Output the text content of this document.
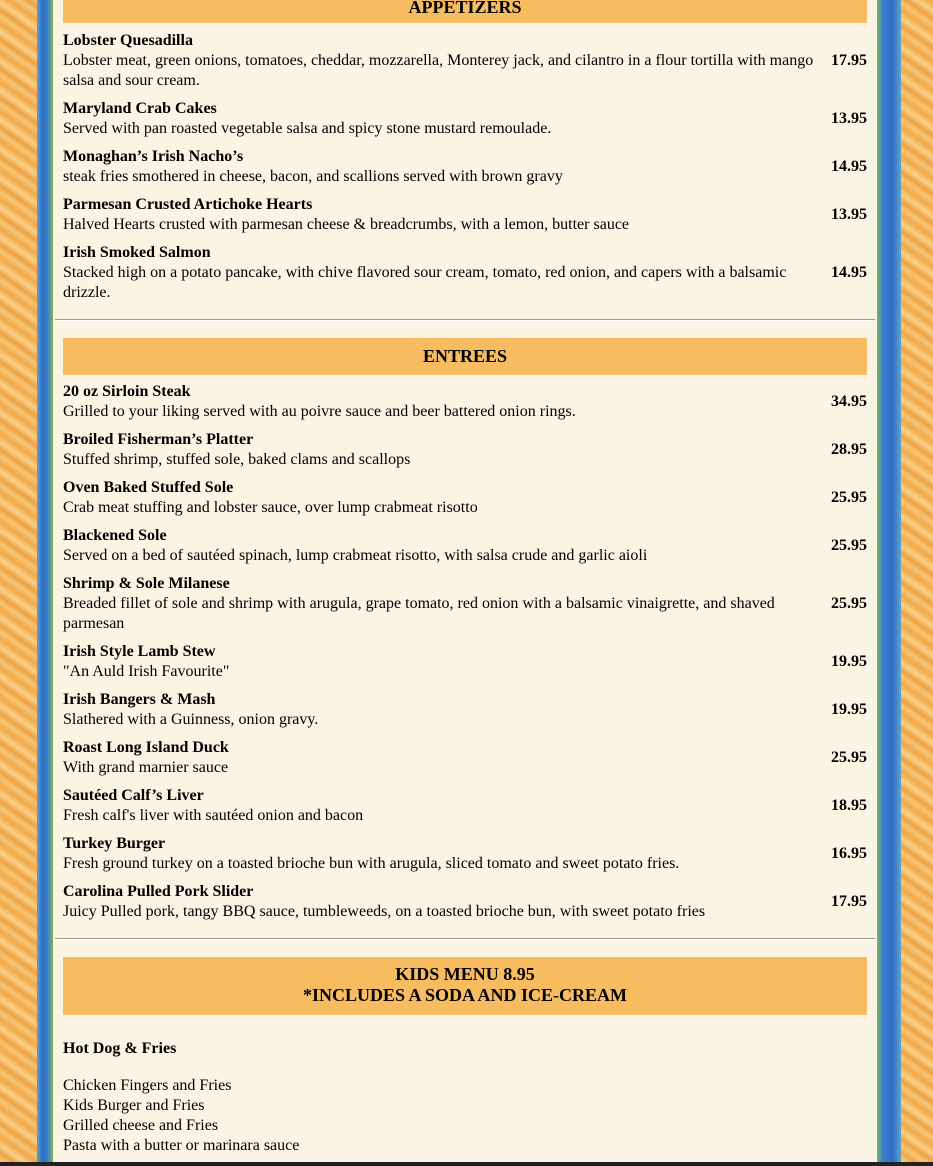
APPETIZERS
Lobster Quesadilla
Lobster meat, green onions, tomatoes, cheddar, mozzarella, Monterey jack, and cilantro in a flour tortilla with mango salsa and sour cream.
17.95
Maryland Crab Cakes
Served with pan roasted vegetable salsa and spicy stone mustard remoulade.
13.95
Monaghan’s Irish Nacho’s
steak fries smothered in cheese, bacon, and scallions served with brown gravy
14.95
Parmesan Crusted Artichoke Hearts
Halved Hearts crusted with parmesan cheese & breadcrumbs, with a lemon, butter sauce
13.95
Irish Smoked Salmon
Stacked high on a potato pancake, with chive flavored sour cream, tomato, red onion, and capers with a balsamic drizzle.
14.95
ENTREES
20 oz Sirloin Steak
Grilled to your liking served with au poivre sauce and beer battered onion rings.
34.95
Broiled Fisherman’s Platter
Stuffed shrimp, stuffed sole, baked clams and scallops
28.95
Oven Baked Stuffed Sole
Crab meat stuffing and lobster sauce, over lump crabmeat risotto
25.95
Blackened Sole
Served on a bed of sautéed spinach, lump crabmeat risotto, with salsa crude and garlic aioli
25.95
Shrimp & Sole Milanese
Breaded fillet of sole and shrimp with arugula, grape tomato, red onion with a balsamic vinaigrette, and shaved parmesan
25.95
Irish Style Lamb Stew
"An Auld Irish Favourite"
19.95
Irish Bangers & Mash
Slathered with a Guinness, onion gravy.
19.95
Roast Long Island Duck
With grand marnier sauce
25.95
Sautéed Calf’s Liver
Fresh calf's liver with sautéed onion and bacon
18.95
Turkey Burger
Fresh ground turkey on a toasted brioche bun with arugula, sliced tomato and sweet potato fries.
16.95
Carolina Pulled Pork Slider
Juicy Pulled pork, tangy BBQ sauce, tumbleweeds, on a toasted brioche bun, with sweet potato fries
17.95
KIDS MENU 8.95
*INCLUDES A SODA AND ICE-CREAM
Hot Dog & Fries
Chicken Fingers and Fries
Kids Burger and Fries
Grilled cheese and Fries
Pasta with a butter or marinara sauce
